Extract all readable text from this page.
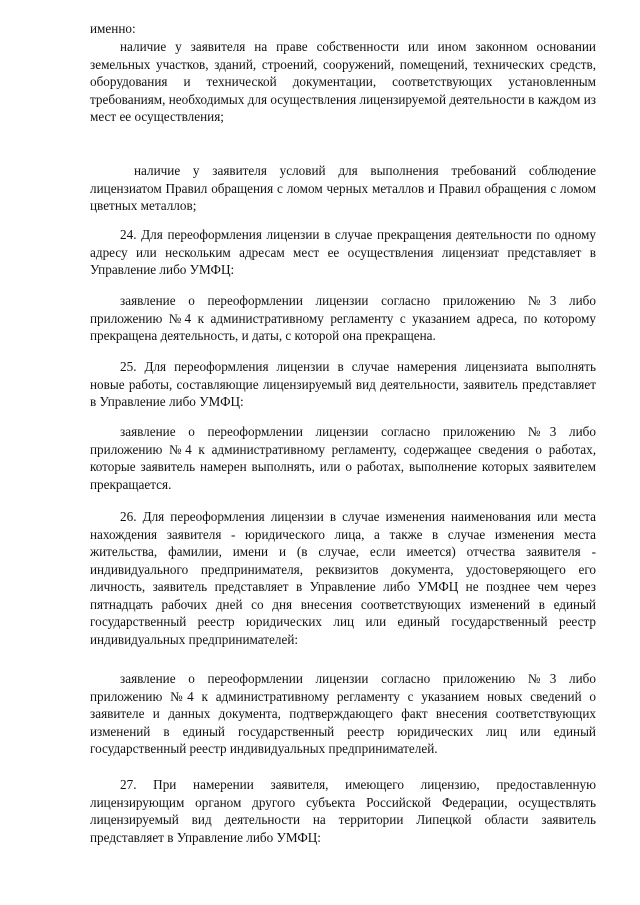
именно:

наличие у заявителя на праве собственности или ином законном основании земельных участков, зданий, строений, сооружений, помещений, технических средств, оборудования и технической документации, соответствующих установленным требованиям, необходимых для осуществления лицензируемой деятельности в каждом из мест ее осуществления;

наличие у заявителя условий для выполнения требований соблюдение лицензиатом Правил обращения с ломом черных металлов и Правил обращения с ломом цветных металлов;

24. Для переоформления лицензии в случае прекращения деятельности по одному адресу или нескольким адресам мест ее осуществления лицензиат представляет в Управление либо УМФЦ:

заявление о переоформлении лицензии согласно приложению №3 либо приложению №4 к административному регламенту с указанием адреса, по которому прекращена деятельность, и даты, с которой она прекращена.

25. Для переоформления лицензии в случае намерения лицензиата выполнять новые работы, составляющие лицензируемый вид деятельности, заявитель представляет в Управление либо УМФЦ:

заявление о переоформлении лицензии согласно приложению №3 либо приложению №4 к административному регламенту, содержащее сведения о работах, которые заявитель намерен выполнять, или о работах, выполнение которых заявителем прекращается.

26. Для переоформления лицензии в случае изменения наименования или места нахождения заявителя - юридического лица, а также в случае изменения места жительства, фамилии, имени и (в случае, если имеется) отчества заявителя - индивидуального предпринимателя, реквизитов документа, удостоверяющего его личность, заявитель представляет в Управление либо УМФЦ не позднее чем через пятнадцать рабочих дней со дня внесения соответствующих изменений в единый государственный реестр юридических лиц или единый государственный реестр индивидуальных предпринимателей:

заявление о переоформлении лицензии согласно приложению №3 либо приложению №4 к административному регламенту с указанием новых сведений о заявителе и данных документа, подтверждающего факт внесения соответствующих изменений в единый государственный реестр юридических лиц или единый государственный реестр индивидуальных предпринимателей.

27. При намерении заявителя, имеющего лицензию, предоставленную лицензирующим органом другого субъекта Российской Федерации, осуществлять лицензируемый вид деятельности на территории Липецкой области заявитель представляет в Управление либо УМФЦ:
